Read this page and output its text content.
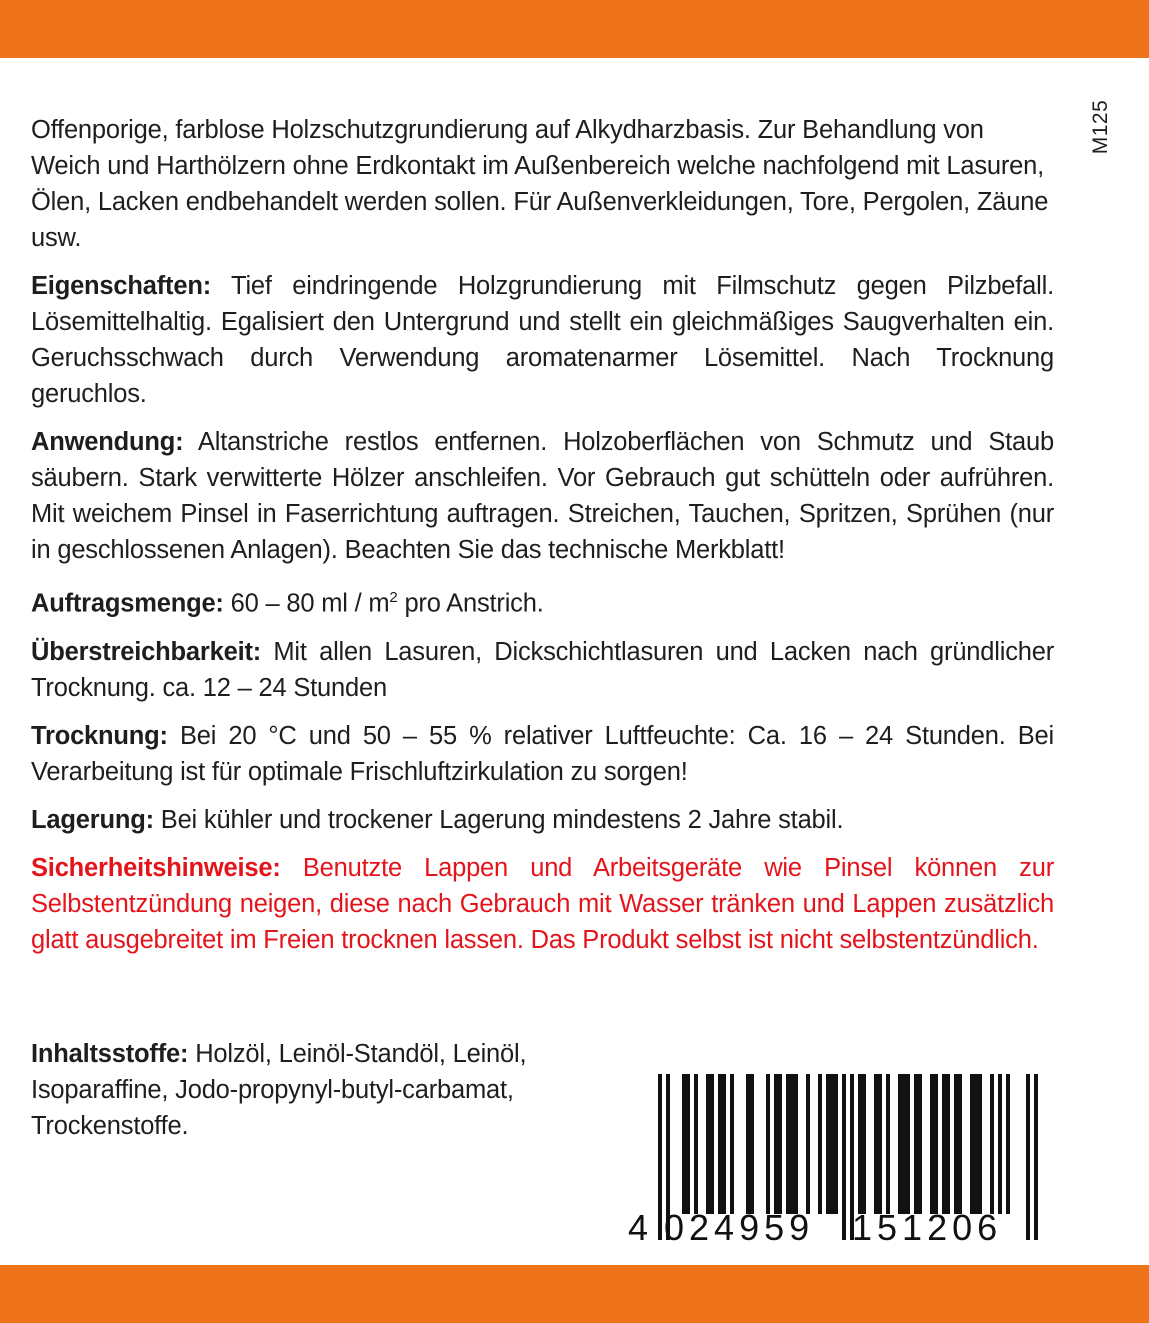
M125

Offenporige, farblose Holzschutzgrundierung auf Alkydharzbasis. Zur Behandlung von Weich und Harthölzern ohne Erdkontakt im Außenbereich welche nachfolgend mit Lasuren, Ölen, Lacken endbehandelt werden sollen. Für Außenverkleidungen, Tore, Pergolen, Zäune usw.

Eigenschaften: Tief eindringende Holzgrundierung mit Filmschutz gegen Pilzbefall. Lösemittelhaltig. Egalisiert den Untergrund und stellt ein gleichmäßiges Saugverhalten ein. Geruchsschwach durch Verwendung aromatenarmer Lösemittel. Nach Trocknung geruchlos.

Anwendung: Altanstriche restlos entfernen. Holzoberflächen von Schmutz und Staub säubern. Stark verwitterte Hölzer anschleifen. Vor Gebrauch gut schütteln oder aufrühren. Mit weichem Pinsel in Faserrichtung auftragen. Streichen, Tauchen, Spritzen, Sprühen (nur in geschlossenen Anlagen). Beachten Sie das technische Merkblatt!

Auftragsmenge: 60 – 80 ml / $m^2$ pro Anstrich.

Überstreichbarkeit: Mit allen Lasuren, Dickschichtlasuren und Lacken nach gründlicher Trocknung. ca. 12 – 24 Stunden

Trocknung: Bei 20 °C und 50 – 55 % relativer Luftfeuchte: Ca. 16 – 24 Stunden. Bei Verarbeitung ist für optimale Frischluftzirkulation zu sorgen!

Lagerung: Bei kühler und trockener Lagerung mindestens 2 Jahre stabil.

Sicherheitshinweise: Benutzte Lappen und Arbeitsgeräte wie Pinsel können zur Selbstentzündung neigen, diese nach Gebrauch mit Wasser tränken und Lappen zusätzlich glatt ausgebreitet im Freien trocknen lassen. Das Produkt selbst ist nicht selbstentzündlich.

Inhaltsstoffe: Holzöl, Leinöl-Standöl, Leinöl,
Isoparaffine, Jodo-propynyl-butyl-carbamat,
Trockenstoffe.
4 024959 151206
